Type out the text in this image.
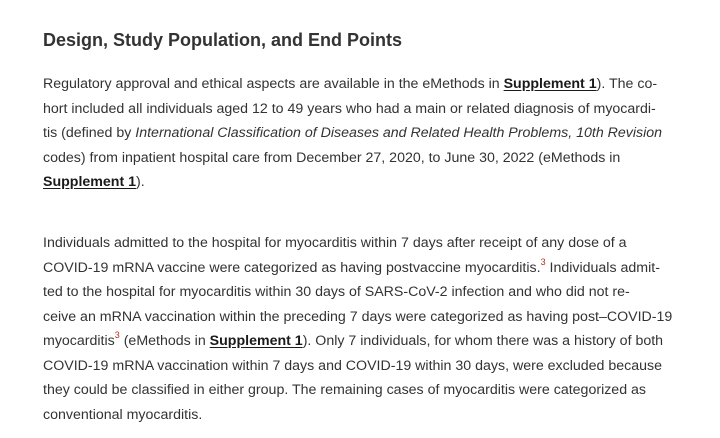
Design, Study Population, and End Points

Regulatory approval and ethical aspects are available in the eMethods in Supplement 1). The co-
hort included all individuals aged 12 to 49 years who had a main or related diagnosis of myocardi-
tis (defined by International Classification of Diseases and Related Health Problems, 10th Revision
codes) from inpatient hospital care from December 27, 2020, to June 30, 2022 (eMethods in
Supplement 1).

Individuals admitted to the hospital for myocarditis within 7 days after receipt of any dose of a
COVID-19 mRNA vaccine were categorized as having postvaccine myocarditis.$^3$ Individuals admit-
ted to the hospital for myocarditis within 30 days of SARS-CoV-2 infection and who did not re-
ceive an mRNA vaccination within the preceding 7 days were categorized as having post–COVID-19
myocarditis$^3$ (eMethods in Supplement 1). Only 7 individuals, for whom there was a history of both
COVID-19 mRNA vaccination within 7 days and COVID-19 within 30 days, were excluded because
they could be classified in either group. The remaining cases of myocarditis were categorized as
conventional myocarditis.
